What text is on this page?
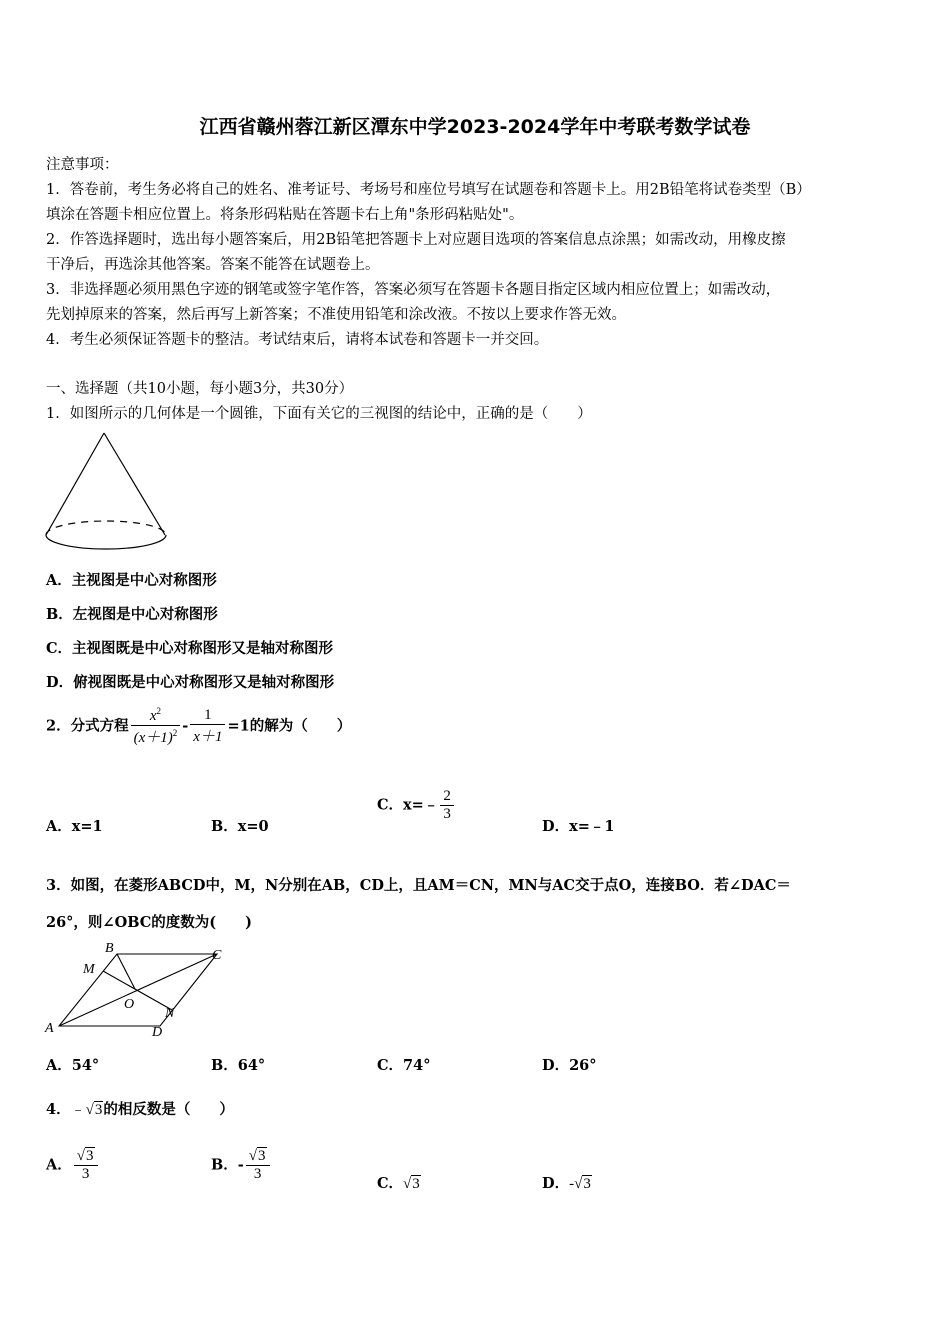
江西省赣州蓉江新区潭东中学2023-2024学年中考联考数学试卷
注意事项：
1．答卷前，考生务必将自己的姓名、准考证号、考场号和座位号填写在试题卷和答题卡上。用2B铅笔将试卷类型（B）
填涂在答题卡相应位置上。将条形码粘贴在答题卡右上角"条形码粘贴处"。
2．作答选择题时，选出每小题答案后，用2B铅笔把答题卡上对应题目选项的答案信息点涂黑；如需改动，用橡皮擦
干净后，再选涂其他答案。答案不能答在试题卷上。
3．非选择题必须用黑色字迹的钢笔或签字笔作答，答案必须写在答题卡各题目指定区域内相应位置上；如需改动，
先划掉原来的答案，然后再写上新答案；不准使用铅笔和涂改液。不按以上要求作答无效。
4．考生必须保证答题卡的整洁。考试结束后，请将本试卷和答题卡一并交回。
一、选择题（共10小题，每小题3分，共30分）
1．如图所示的几何体是一个圆锥，下面有关它的三视图的结论中，正确的是（　　）
A．主视图是中心对称图形
B．左视图是中心对称图形
C．主视图既是中心对称图形又是轴对称图形
D．俯视图既是中心对称图形又是轴对称图形
2．分式方程 $\frac{x^2}{(x+1)^2} - \frac{1}{x+1} =1$的解为（　　）
A．x=1	B．x=0
C．x=﹣ $\frac{2}{3}$
D．x=﹣1
3．如图，在菱形ABCD中，M，N分别在AB，CD上，且AM＝CN，MN与AC交于点O，连接BO．若∠DAC＝
26°，则∠OBC的度数为(　　)
A
B	C
D
M
N
O
A．54°	B．64°	C．74°	D．26°
4．﹣√3的相反数是（　　）
A． $\frac{√3}{3}$	B．- $\frac{√3}{3}$
C．√3	D．-√3
